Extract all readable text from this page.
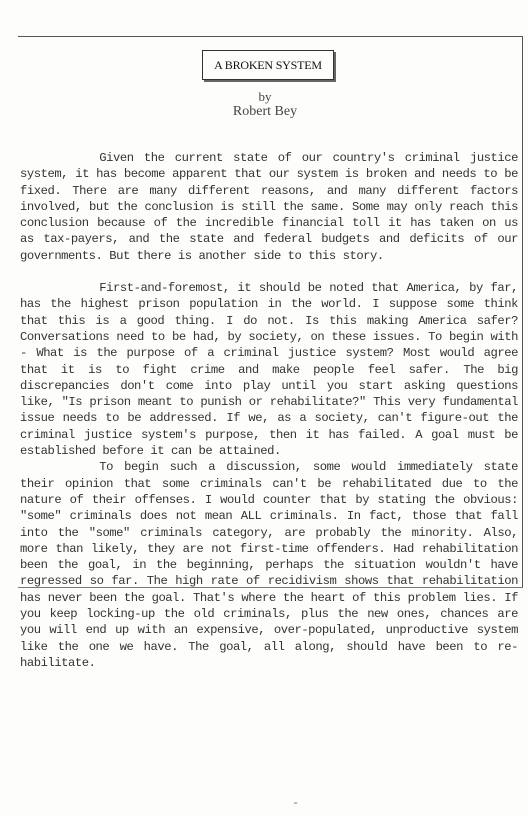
A BROKEN SYSTEM
by
Robert Bey

Given the current state of our country's criminal justice system, it has become apparent that our system is broken and needs to be fixed. There are many different reasons, and many different factors involved, but the conclusion is still the same. Some may only reach this conclusion because of the incredible financial toll it has taken on us as tax-payers, and the state and federal budgets and deficits of our governments. But there is another side to this story.

First-and-foremost, it should be noted that America, by far, has the highest prison population in the world. I suppose some think that this is a good thing. I do not. Is this making America safer? Conversations need to be had, by society, on these issues. To begin with - What is the purpose of a criminal justice system? Most would agree that it is to fight crime and make people feel safer. The big discrepancies don't come into play until you start asking questions like, "Is prison meant to punish or rehabilitate?" This very fundamental issue needs to be addressed. If we, as a society, can't figure-out the criminal justice system's purpose, then it has failed. A goal must be established before it can be attained.

To begin such a discussion, some would immediately state their opinion that some criminals can't be rehabilitated due to the nature of their offenses. I would counter that by stating the obvious: "some" criminals does not mean ALL criminals. In fact, those that fall into the "some" criminals category, are probably the minority. Also, more than likely, they are not first-time offenders. Had rehabilitation been the goal, in the beginning, perhaps the situation wouldn't have regressed so far. The high rate of recidivism shows that rehabilitation has never been the goal. That's where the heart of this problem lies. If you keep locking-up the old criminals, plus the new ones, chances are you will end up with an expensive, over-populated, unproductive system like the one we have. The goal, all along, should have been to re-habilitate.

-
